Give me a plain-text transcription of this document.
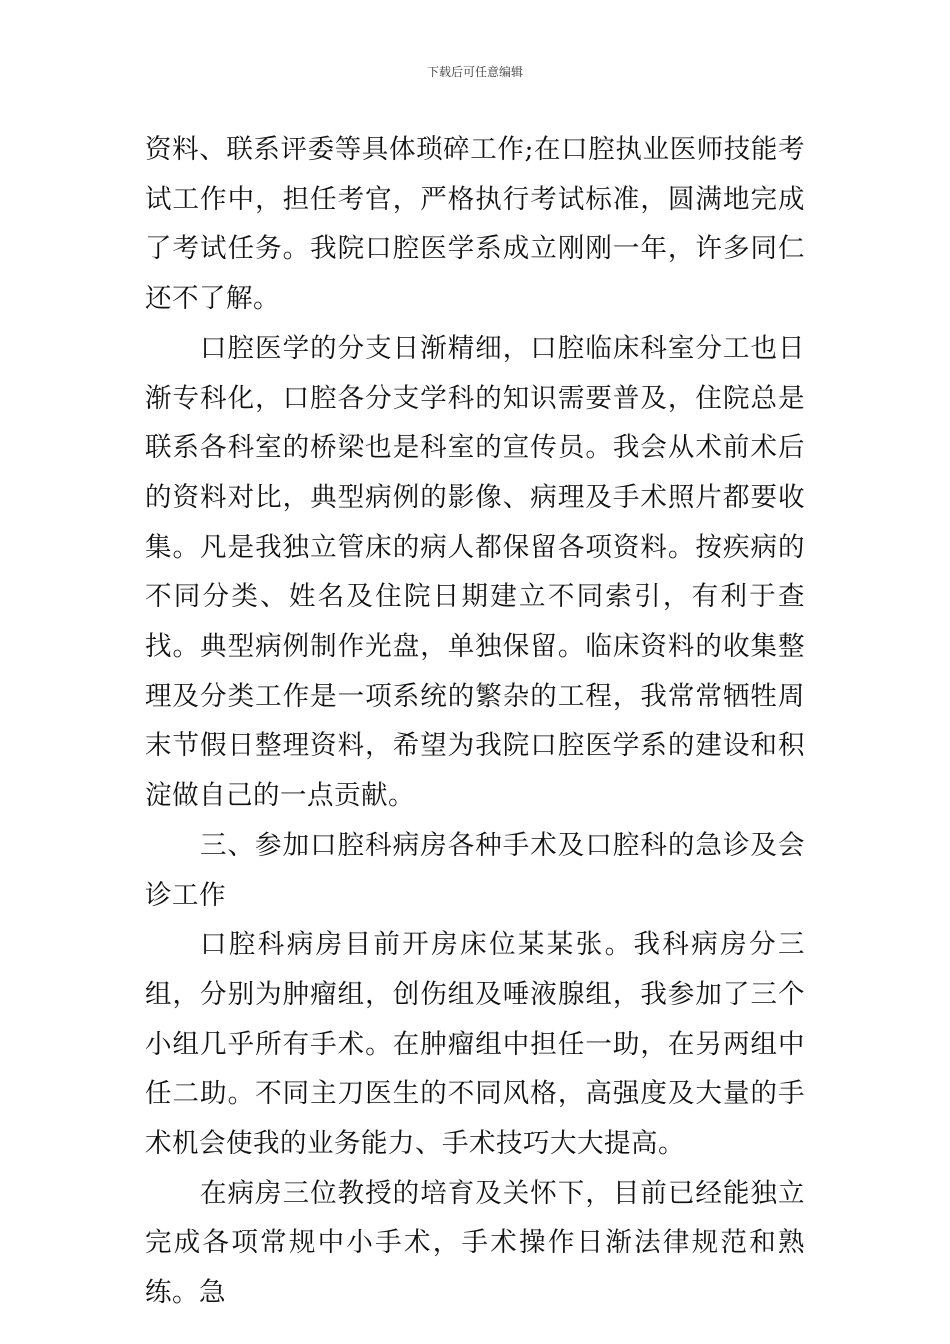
下载后可任意编辑

资料、联系评委等具体琐碎工作;在口腔执业医师技能考试工作中，担任考官，严格执行考试标准，圆满地完成了考试任务。我院口腔医学系成立刚刚一年，许多同仁还不了解。

口腔医学的分支日渐精细，口腔临床科室分工也日渐专科化，口腔各分支学科的知识需要普及，住院总是联系各科室的桥梁也是科室的宣传员。我会从术前术后的资料对比，典型病例的影像、病理及手术照片都要收集。凡是我独立管床的病人都保留各项资料。按疾病的不同分类、姓名及住院日期建立不同索引，有利于查找。典型病例制作光盘，单独保留。临床资料的收集整理及分类工作是一项系统的繁杂的工程，我常常牺牲周末节假日整理资料，希望为我院口腔医学系的建设和积淀做自己的一点贡献。

三、参加口腔科病房各种手术及口腔科的急诊及会诊工作

口腔科病房目前开房床位某某张。我科病房分三组，分别为肿瘤组，创伤组及唾液腺组，我参加了三个小组几乎所有手术。在肿瘤组中担任一助，在另两组中任二助。不同主刀医生的不同风格，高强度及大量的手术机会使我的业务能力、手术技巧大大提高。

在病房三位教授的培育及关怀下，目前已经能独立完成各项常规中小手术，手术操作日渐法律规范和熟练。急
